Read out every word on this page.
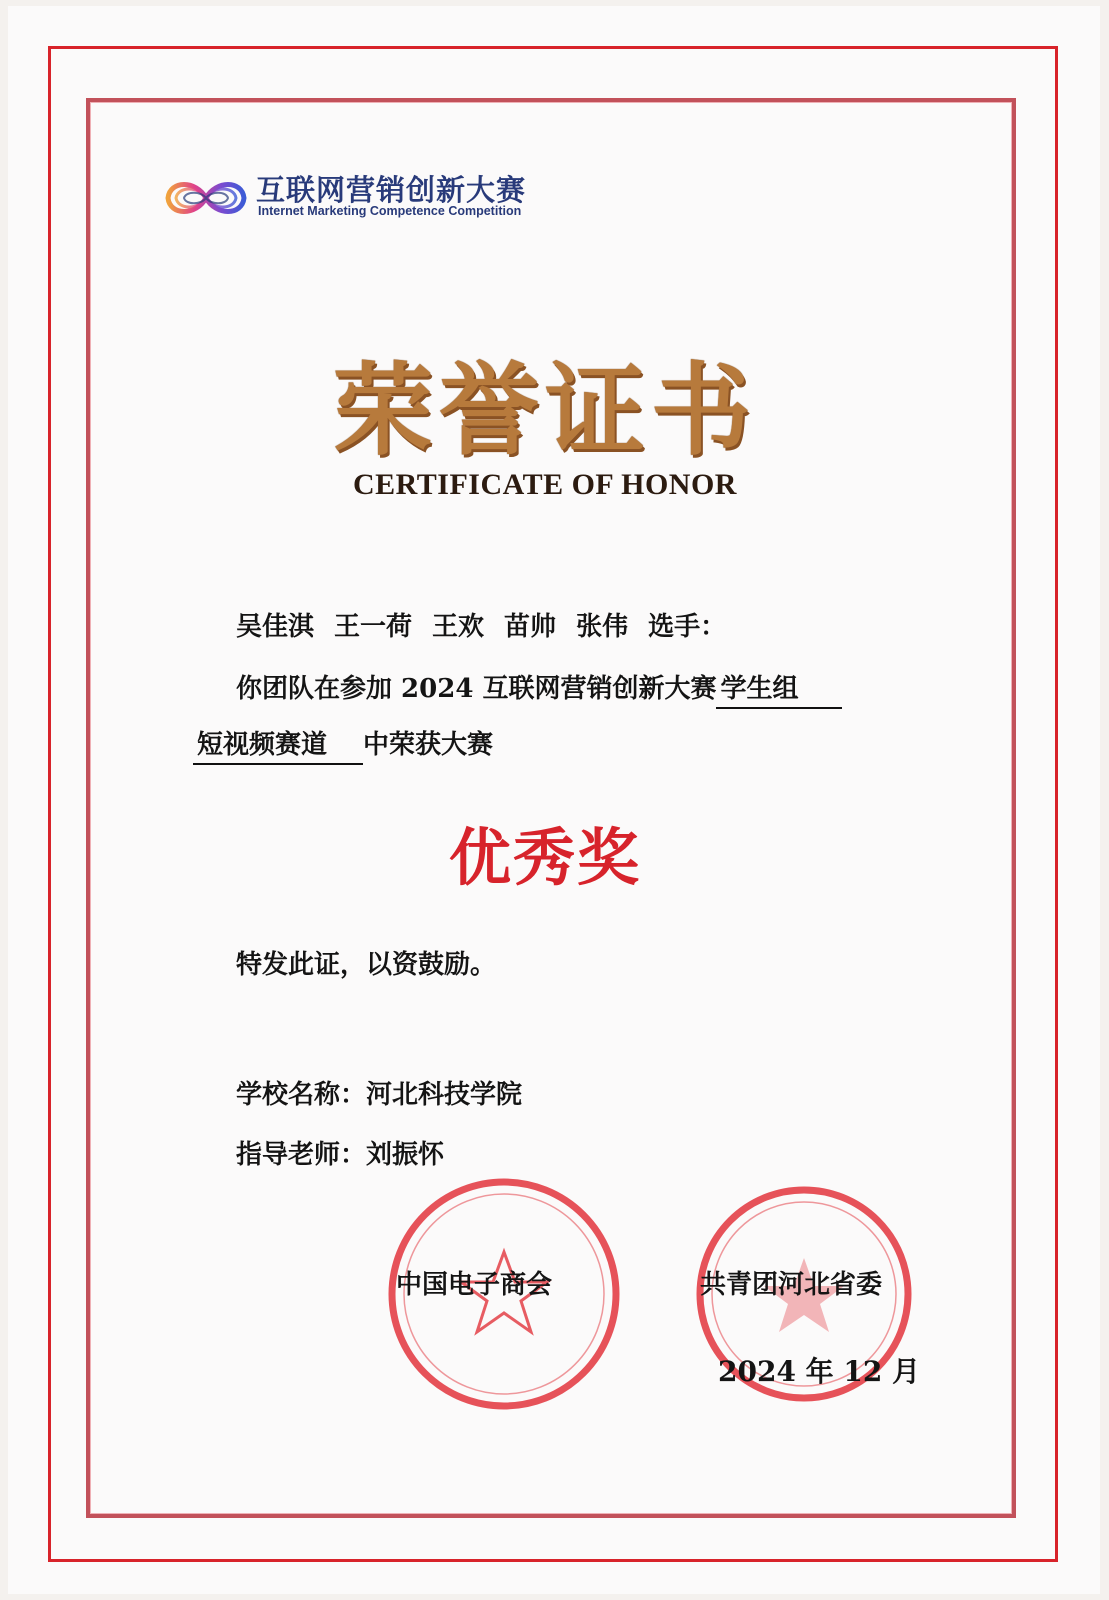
互联网营销创新大赛
Internet Marketing Competence Competition
荣誉证书
CERTIFICATE OF HONOR
吴佳淇 王一荷 王欢 苗帅 张伟 选手：
你团队在参加 2024 互联网营销创新大赛 学生组
短视频赛道 中荣获大赛
优秀奖
特发此证，以资鼓励。
学校名称：河北科技学院
指导老师：刘振怀
中国电子商会	共青团河北省委
2024 年 12 月
